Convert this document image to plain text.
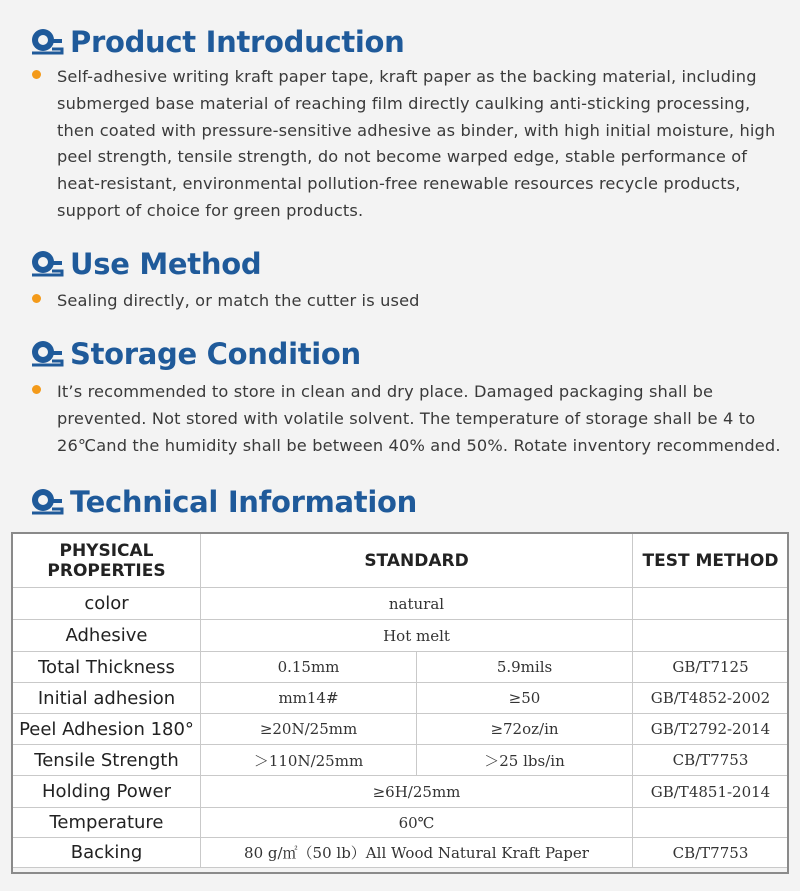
Product Introduction
Self-adhesive writing kraft paper tape, kraft paper as the backing material, including submerged base material of reaching film directly caulking anti-sticking processing, then coated with pressure-sensitive adhesive as binder, with high initial moisture, high peel strength, tensile strength, do not become warped edge, stable performance of heat-resistant, environmental pollution-free renewable resources recycle products, support of choice for green products.
Use Method
Sealing directly, or match the cutter is used
Storage Condition
It’s recommended to store in clean and dry place. Damaged packaging shall be prevented. Not stored with volatile solvent. The temperature of storage shall be 4 to 26℃and the humidity shall be between 40% and 50%. Rotate inventory recommended.
Technical Information
PHYSICAL PROPERTIES	STANDARD		TEST METHOD
color	natural		
Adhesive	Hot melt		
Total Thickness	0.15mm	5.9mils	GB/T7125
Initial adhesion	mm14#	≥50	GB/T4852-2002
Peel Adhesion 180°	≥20N/25mm	≥72oz/in	GB/T2792-2014
Tensile Strength	＞110N/25mm	＞25 lbs/in	CB/T7753
Holding Power	≥6H/25mm		GB/T4851-2014
Temperature	60℃		
Backing	80 g/㎡（50 lb）All Wood Natural Kraft Paper		CB/T7753
